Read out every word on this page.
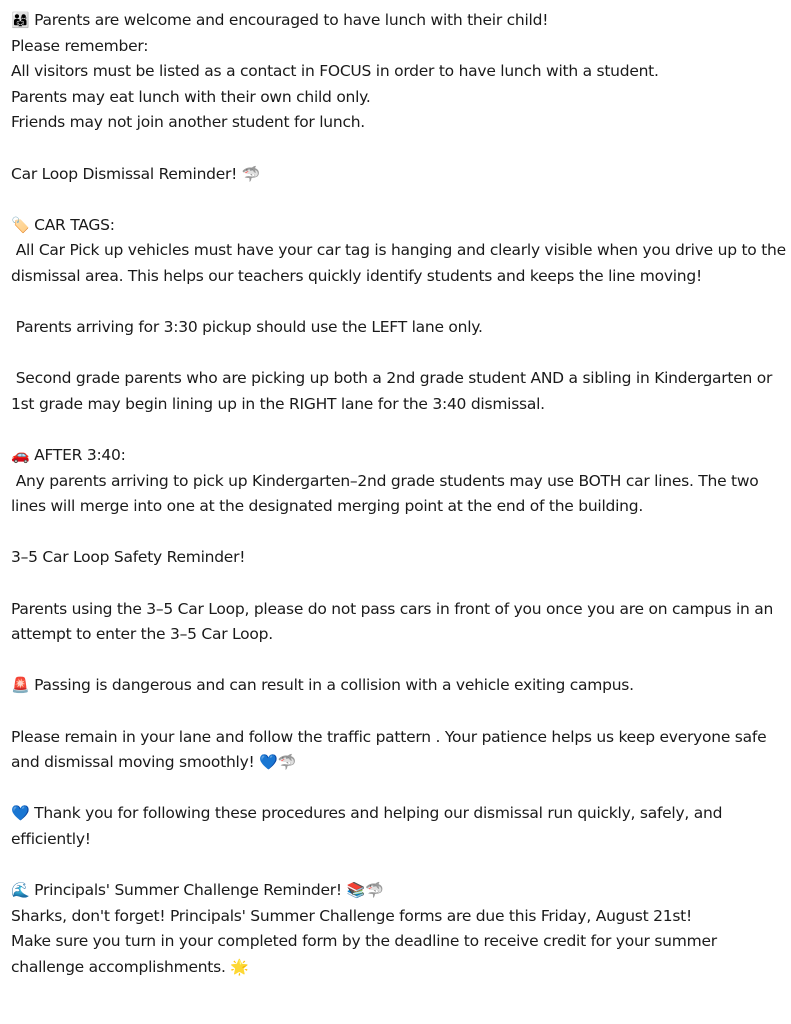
👨‍👩‍👧 Parents are welcome and encouraged to have lunch with their child!
Please remember:
All visitors must be listed as a contact in FOCUS in order to have lunch with a student.
Parents may eat lunch with their own child only.
Friends may not join another student for lunch.
Car Loop Dismissal Reminder! 🦈
🏷️ CAR TAGS:
All Car Pick up vehicles must have your car tag is hanging and clearly visible when you drive up to the dismissal area. This helps our teachers quickly identify students and keeps the line moving!
Parents arriving for 3:30 pickup should use the LEFT lane only.
Second grade parents who are picking up both a 2nd grade student AND a sibling in Kindergarten or 1st grade may begin lining up in the RIGHT lane for the 3:40 dismissal.
🚗 AFTER 3:40:
Any parents arriving to pick up Kindergarten–2nd grade students may use BOTH car lines. The two lines will merge into one at the designated merging point at the end of the building.
3–5 Car Loop Safety Reminder!
Parents using the 3–5 Car Loop, please do not pass cars in front of you once you are on campus in an attempt to enter the 3–5 Car Loop.
🚨 Passing is dangerous and can result in a collision with a vehicle exiting campus.
Please remain in your lane and follow the traffic pattern . Your patience helps us keep everyone safe and dismissal moving smoothly! 💙🦈
💙 Thank you for following these procedures and helping our dismissal run quickly, safely, and efficiently!
🌊 Principals' Summer Challenge Reminder! 📚🦈
Sharks, don't forget! Principals' Summer Challenge forms are due this Friday, August 21st!
Make sure you turn in your completed form by the deadline to receive credit for your summer challenge accomplishments. 🌟
